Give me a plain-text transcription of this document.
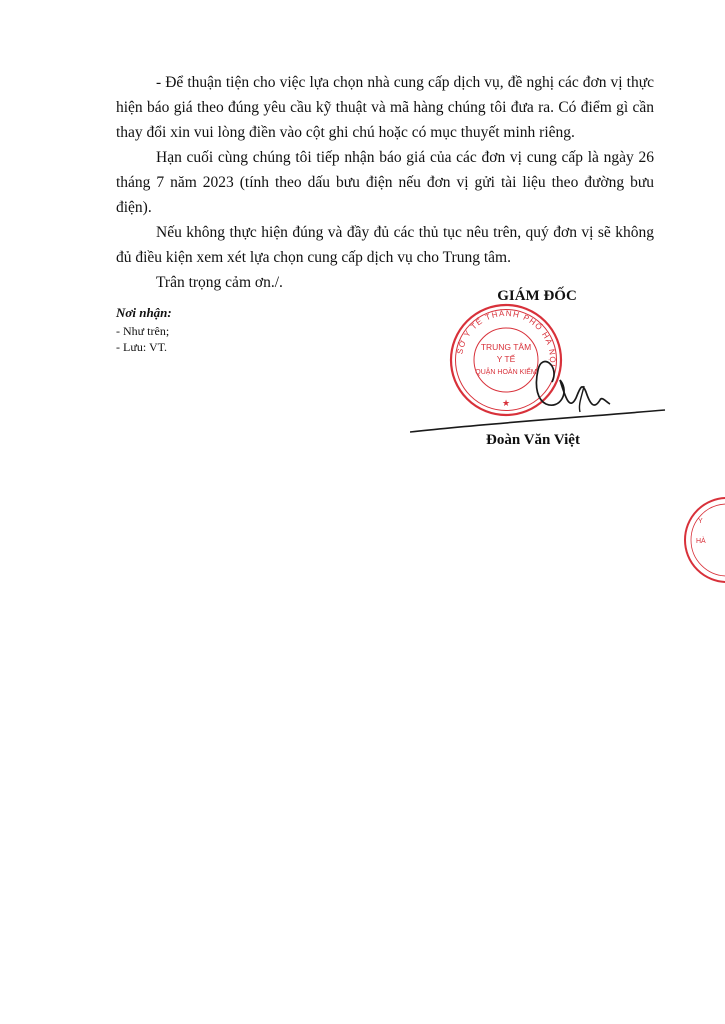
- Để thuận tiện cho việc lựa chọn nhà cung cấp dịch vụ, đề nghị các đơn vị thực hiện báo giá theo đúng yêu cầu kỹ thuật và mã hàng chúng tôi đưa ra. Có điểm gì cần thay đổi xin vui lòng điền vào cột ghi chú hoặc có mục thuyết minh riêng.

Hạn cuối cùng chúng tôi tiếp nhận báo giá của các đơn vị cung cấp là ngày 26 tháng 7 năm 2023 (tính theo dấu bưu điện nếu đơn vị gửi tài liệu theo đường bưu điện).

Nếu không thực hiện đúng và đầy đủ các thủ tục nêu trên, quý đơn vị sẽ không đủ điều kiện xem xét lựa chọn cung cấp dịch vụ cho Trung tâm.

Trân trọng cảm ơn./.

Nơi nhận:
- Như trên;
- Lưu: VT.
GIÁM ĐỐC
SỞ Y TẾ THÀNH PHỐ HÀ NỘI
TRUNG TÂM
Y TẾ
QUẬN HOÀN KIẾM
★
Đoàn Văn Việt
Y
HÀ
